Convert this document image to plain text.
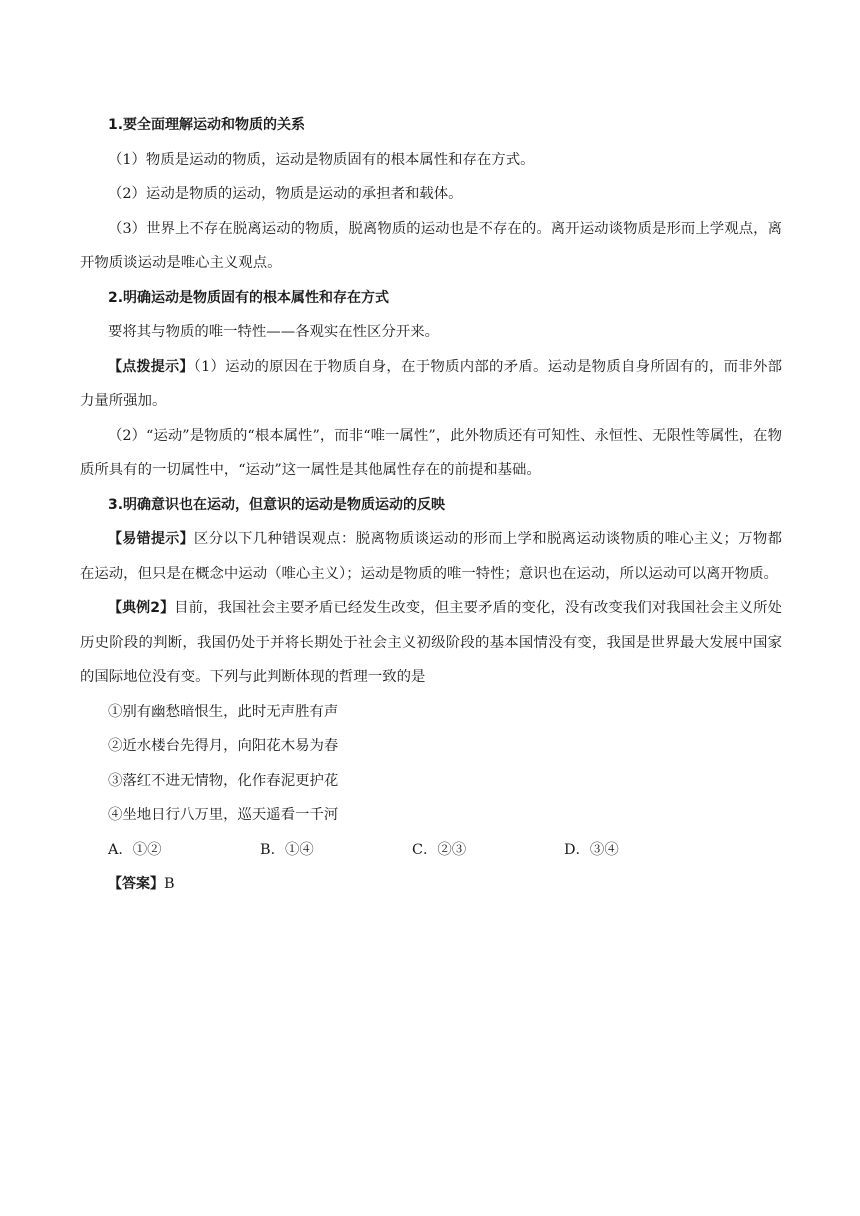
1.要全面理解运动和物质的关系

（1）物质是运动的物质，运动是物质固有的根本属性和存在方式。

（2）运动是物质的运动，物质是运动的承担者和载体。

（3）世界上不存在脱离运动的物质，脱离物质的运动也是不存在的。离开运动谈物质是形而上学观点，离开物质谈运动是唯心主义观点。

2.明确运动是物质固有的根本属性和存在方式

要将其与物质的唯一特性——各观实在性区分开来。

【点拨提示】（1）运动的原因在于物质自身，在于物质内部的矛盾。运动是物质自身所固有的，而非外部力量所强加。

（2）“运动”是物质的“根本属性”，而非“唯一属性”，此外物质还有可知性、永恒性、无限性等属性，在物质所具有的一切属性中，“运动”这一属性是其他属性存在的前提和基础。

3.明确意识也在运动，但意识的运动是物质运动的反映

【易错提示】区分以下几种错误观点：脱离物质谈运动的形而上学和脱离运动谈物质的唯心主义；万物都在运动，但只是在概念中运动（唯心主义）；运动是物质的唯一特性；意识也在运动，所以运动可以离开物质。

【典例2】目前，我国社会主要矛盾已经发生改变，但主要矛盾的变化，没有改变我们对我国社会主义所处历史阶段的判断，我国仍处于并将长期处于社会主义初级阶段的基本国情没有变，我国是世界最大发展中国家的国际地位没有变。下列与此判断体现的哲理一致的是

①别有幽愁暗恨生，此时无声胜有声

②近水楼台先得月，向阳花木易为春

③落红不进无情物，化作春泥更护花

④坐地日行八万里，巡天遥看一千河

A．①②	B．①④	C．②③	D．③④

【答案】B
